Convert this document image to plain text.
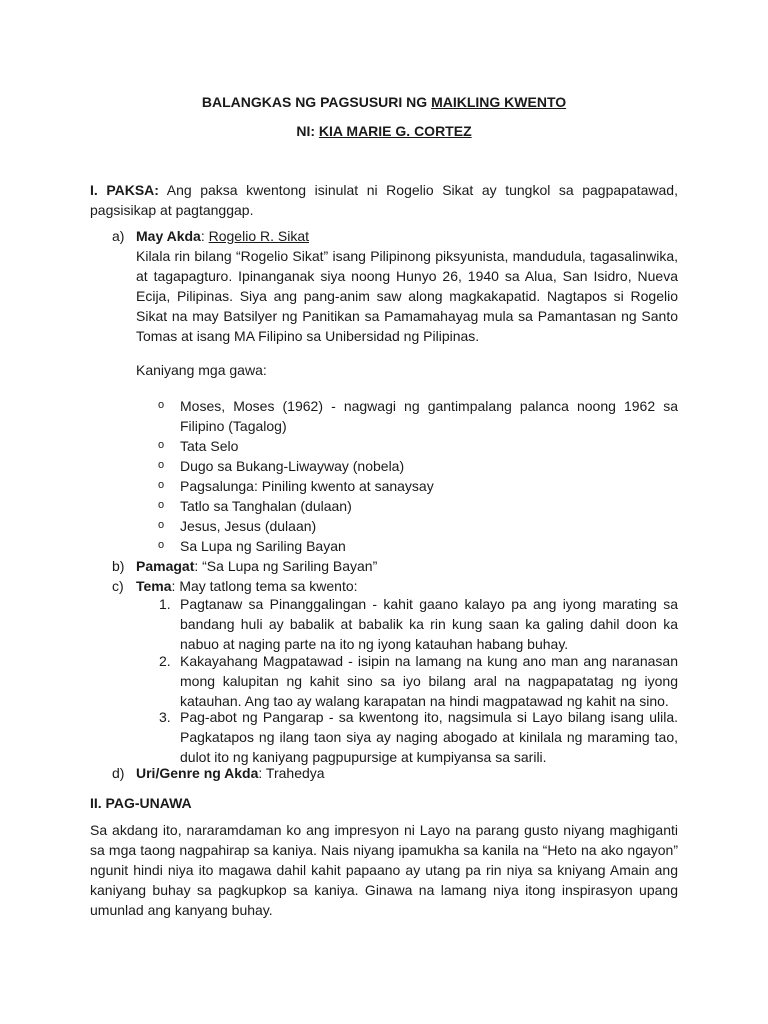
BALANGKAS NG PAGSUSURI NG MAIKLING KWENTO
NI: KIA MARIE G. CORTEZ
I. PAKSA: Ang paksa kwentong isinulat ni Rogelio Sikat ay tungkol sa pagpapatawad, pagsisikap at pagtanggap.
a) May Akda: Rogelio R. Sikat
Kilala rin bilang “Rogelio Sikat” isang Pilipinong piksyunista, mandudula, tagasalinwika, at tagapagturo. Ipinanganak siya noong Hunyo 26, 1940 sa Alua, San Isidro, Nueva Ecija, Pilipinas. Siya ang pang-anim saw along magkakapatid. Nagtapos si Rogelio Sikat na may Batsilyer ng Panitikan sa Pamamahayag mula sa Pamantasan ng Santo Tomas at isang MA Filipino sa Unibersidad ng Pilipinas.
Kaniyang mga gawa:
o Moses, Moses (1962) - nagwagi ng gantimpalang palanca noong 1962 sa Filipino (Tagalog)
o Tata Selo
o Dugo sa Bukang-Liwayway (nobela)
o Pagsalunga: Piniling kwento at sanaysay
o Tatlo sa Tanghalan (dulaan)
o Jesus, Jesus (dulaan)
o Sa Lupa ng Sariling Bayan
b) Pamagat: “Sa Lupa ng Sariling Bayan”
c) Tema: May tatlong tema sa kwento:
1. Pagtanaw sa Pinanggalingan - kahit gaano kalayo pa ang iyong marating sa bandang huli ay babalik at babalik ka rin kung saan ka galing dahil doon ka nabuo at naging parte na ito ng iyong katauhan habang buhay.
2. Kakayahang Magpatawad - isipin na lamang na kung ano man ang naranasan mong kalupitan ng kahit sino sa iyo bilang aral na nagpapatatag ng iyong katauhan. Ang tao ay walang karapatan na hindi magpatawad ng kahit na sino.
3. Pag-abot ng Pangarap - sa kwentong ito, nagsimula si Layo bilang isang ulila. Pagkatapos ng ilang taon siya ay naging abogado at kinilala ng maraming tao, dulot ito ng kaniyang pagpupursige at kumpiyansa sa sarili.
d) Uri/Genre ng Akda: Trahedya
II. PAG-UNAWA
Sa akdang ito, nararamdaman ko ang impresyon ni Layo na parang gusto niyang maghiganti sa mga taong nagpahirap sa kaniya. Nais niyang ipamukha sa kanila na “Heto na ako ngayon” ngunit hindi niya ito magawa dahil kahit papaano ay utang pa rin niya sa kniyang Amain ang kaniyang buhay sa pagkupkop sa kaniya. Ginawa na lamang niya itong inspirasyon upang umunlad ang kanyang buhay.
